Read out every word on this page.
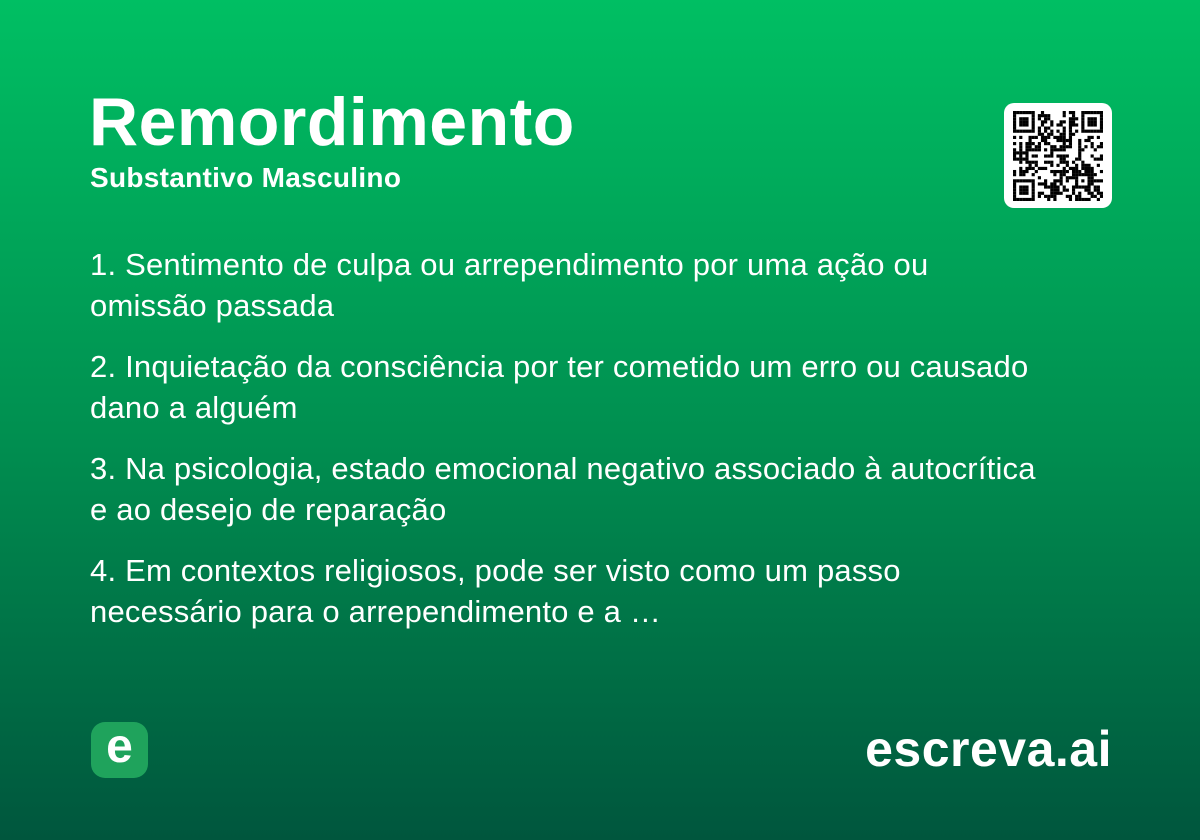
Remordimento

Substantivo Masculino

1. Sentimento de culpa ou arrependimento por uma ação ou omissão passada

2. Inquietação da consciência por ter cometido um erro ou causado dano a alguém

3. Na psicologia, estado emocional negativo associado à autocrítica e ao desejo de reparação

4. Em contextos religiosos, pode ser visto como um passo necessário para o arrependimento e a …

e	escreva.ai
